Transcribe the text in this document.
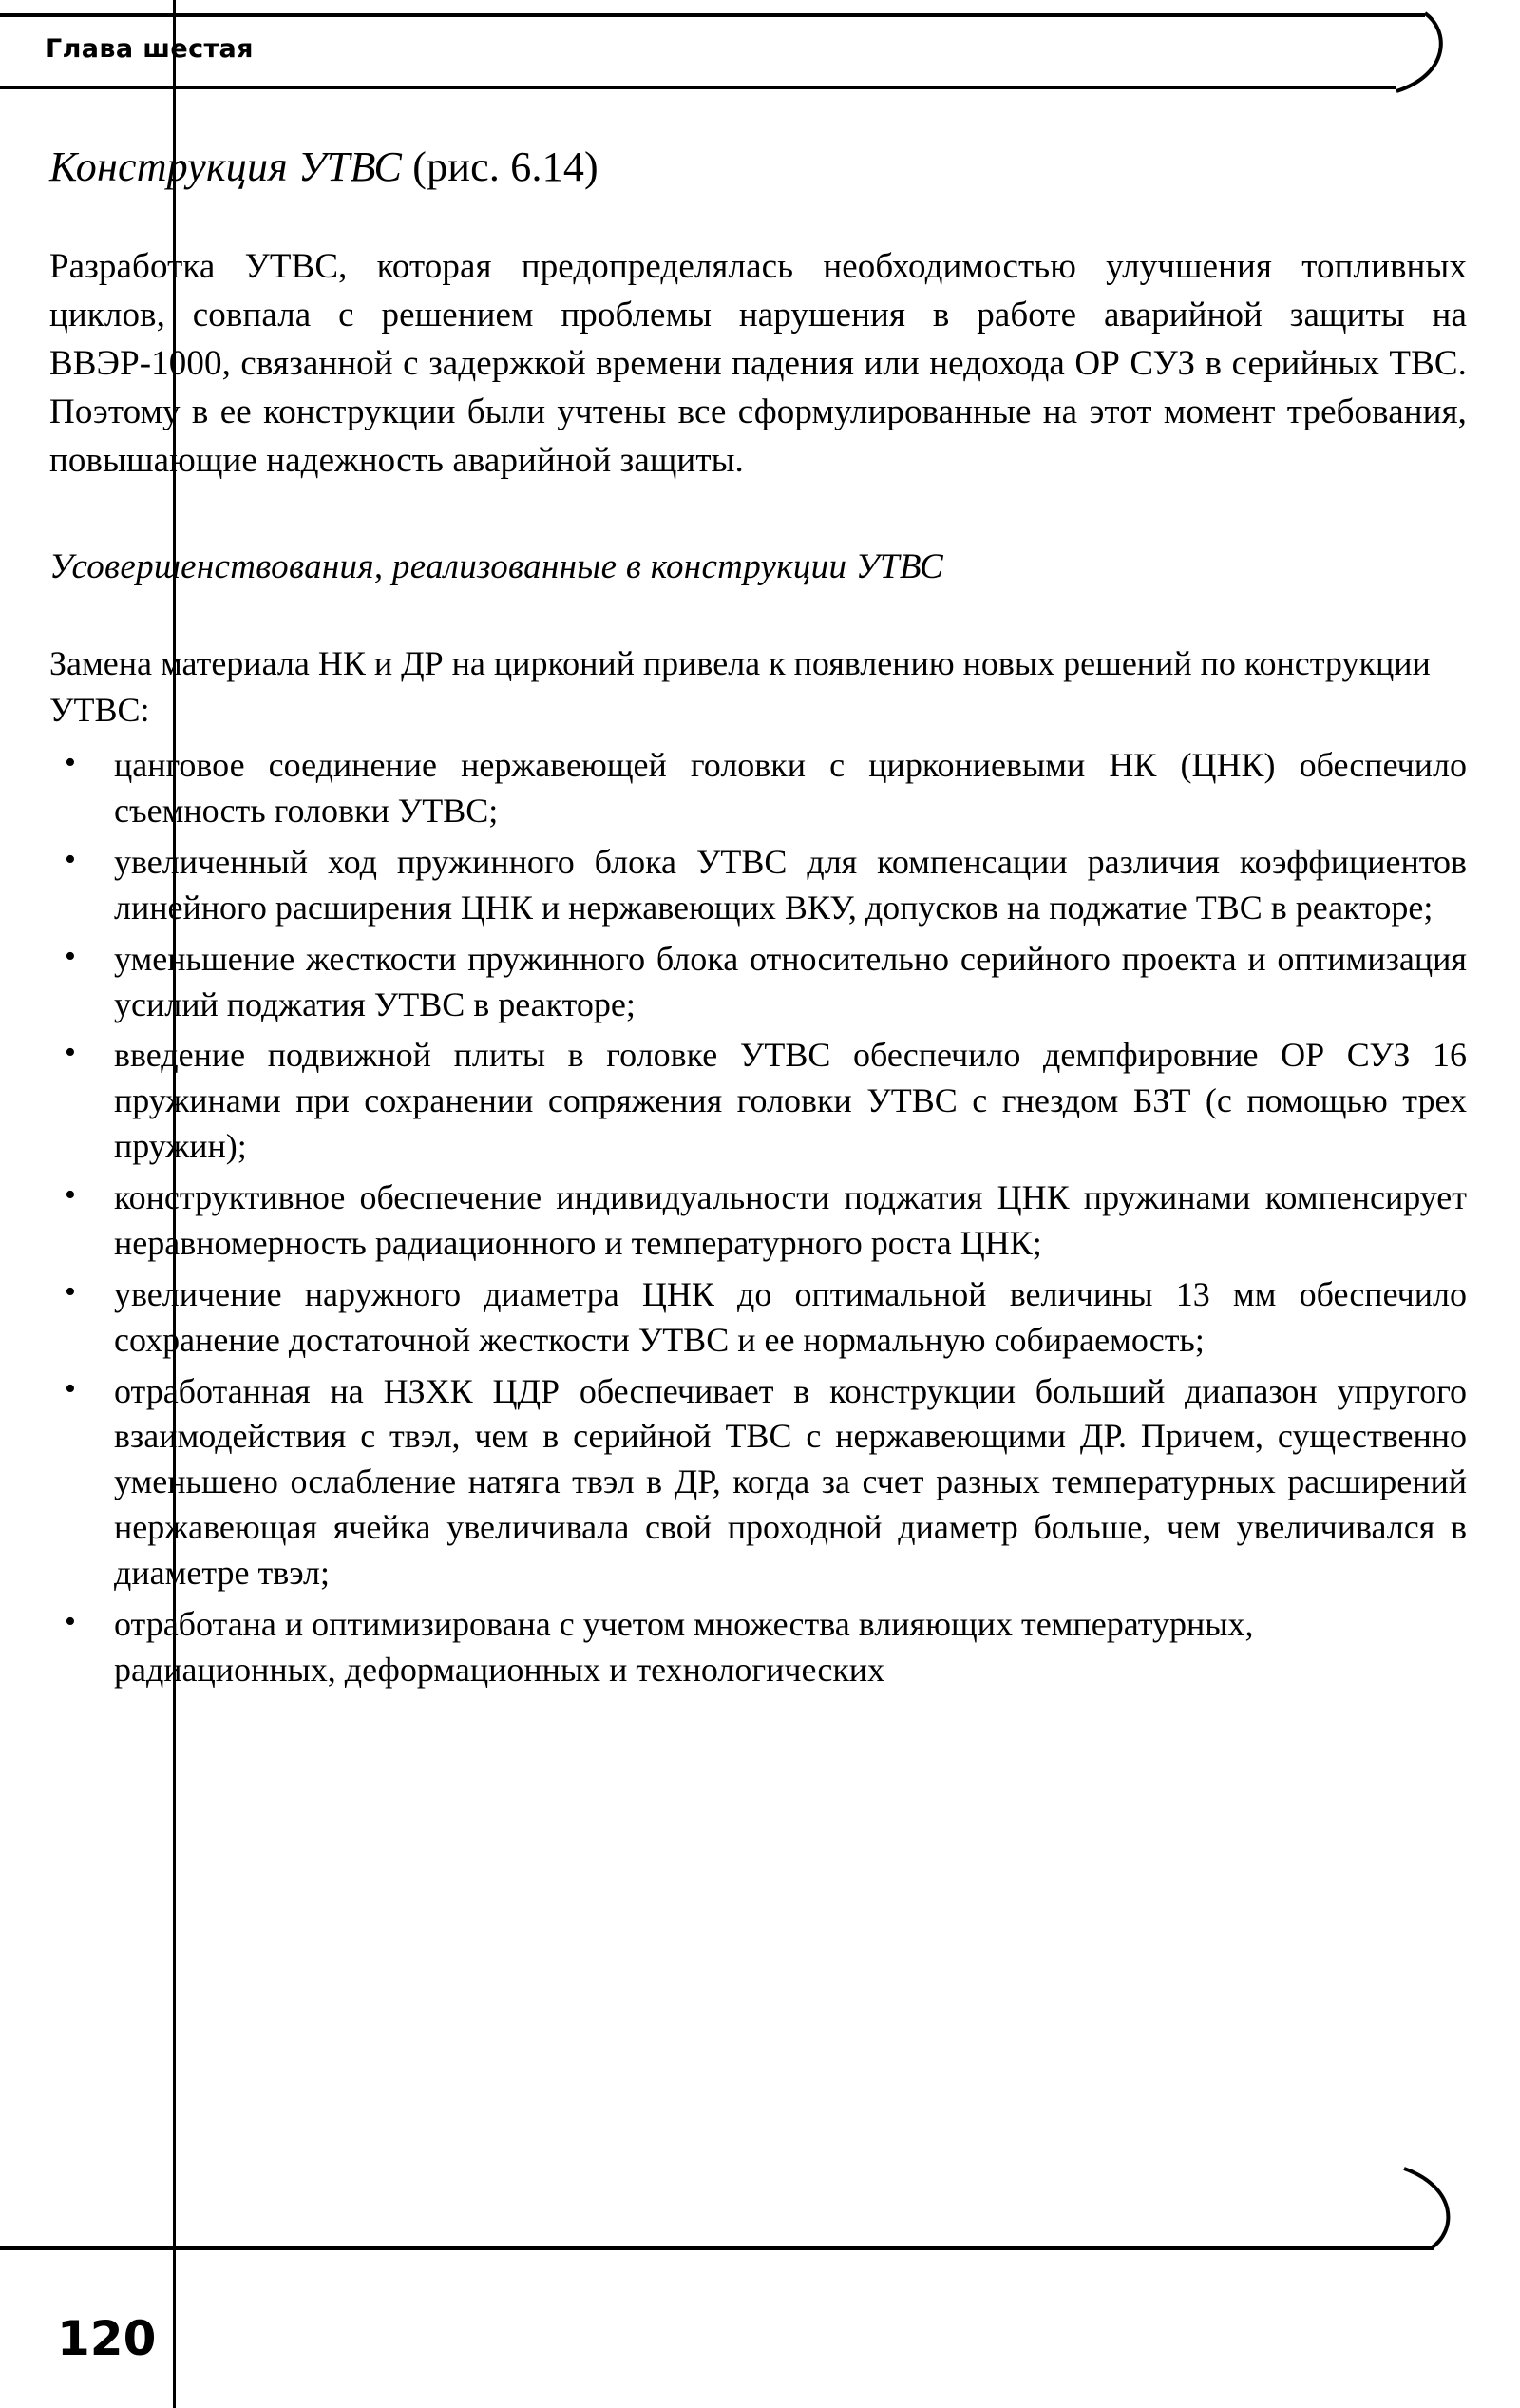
Глава шестая
Конструкция УТВС (рис. 6.14)

Разработка УТВС, которая предопределялась необходимостью улучшения топливных циклов, совпала с решением проблемы нарушения в работе аварийной защиты на ВВЭР-1000, связанной с задержкой времени падения или недохода ОР СУЗ в серийных ТВС. Поэтому в ее конструкции были учтены все сформулированные на этот момент требования, повышающие надежность аварийной защиты.

Усовершенствования, реализованные в конструкции УТВС

Замена материала НК и ДР на цирконий привела к появлению новых решений по конструкции УТВС:

• цанговое соединение нержавеющей головки с циркониевыми НК (ЦНК) обеспечило съемность головки УТВС;
• увеличенный ход пружинного блока УТВС для компенсации различия коэффициентов линейного расширения ЦНК и нержавеющих ВКУ, допусков на поджатие ТВС в реакторе;
• уменьшение жесткости пружинного блока относительно серийного проекта и оптимизация усилий поджатия УТВС в реакторе;
• введение подвижной плиты в головке УТВС обеспечило демпфировние ОР СУЗ 16 пружинами при сохранении сопряжения головки УТВС с гнездом БЗТ (с помощью трех пружин);
• конструктивное обеспечение индивидуальности поджатия ЦНК пружинами компенсирует неравномерность радиационного и температурного роста ЦНК;
• увеличение наружного диаметра ЦНК до оптимальной величины 13 мм обеспечило сохранение достаточной жесткости УТВС и ее нормальную собираемость;
• отработанная на НЗХК ЦДР обеспечивает в конструкции больший диапазон упругого взаимодействия с твэл, чем в серийной ТВС с нержавеющими ДР. Причем, существенно уменьшено ослабление натяга твэл в ДР, когда за счет разных температурных расширений нержавеющая ячейка увеличивала свой проходной диаметр больше, чем увеличивался в диаметре твэл;
• отработана и оптимизирована с учетом множества влияющих температурных, радиационных, деформационных и технологических
120
